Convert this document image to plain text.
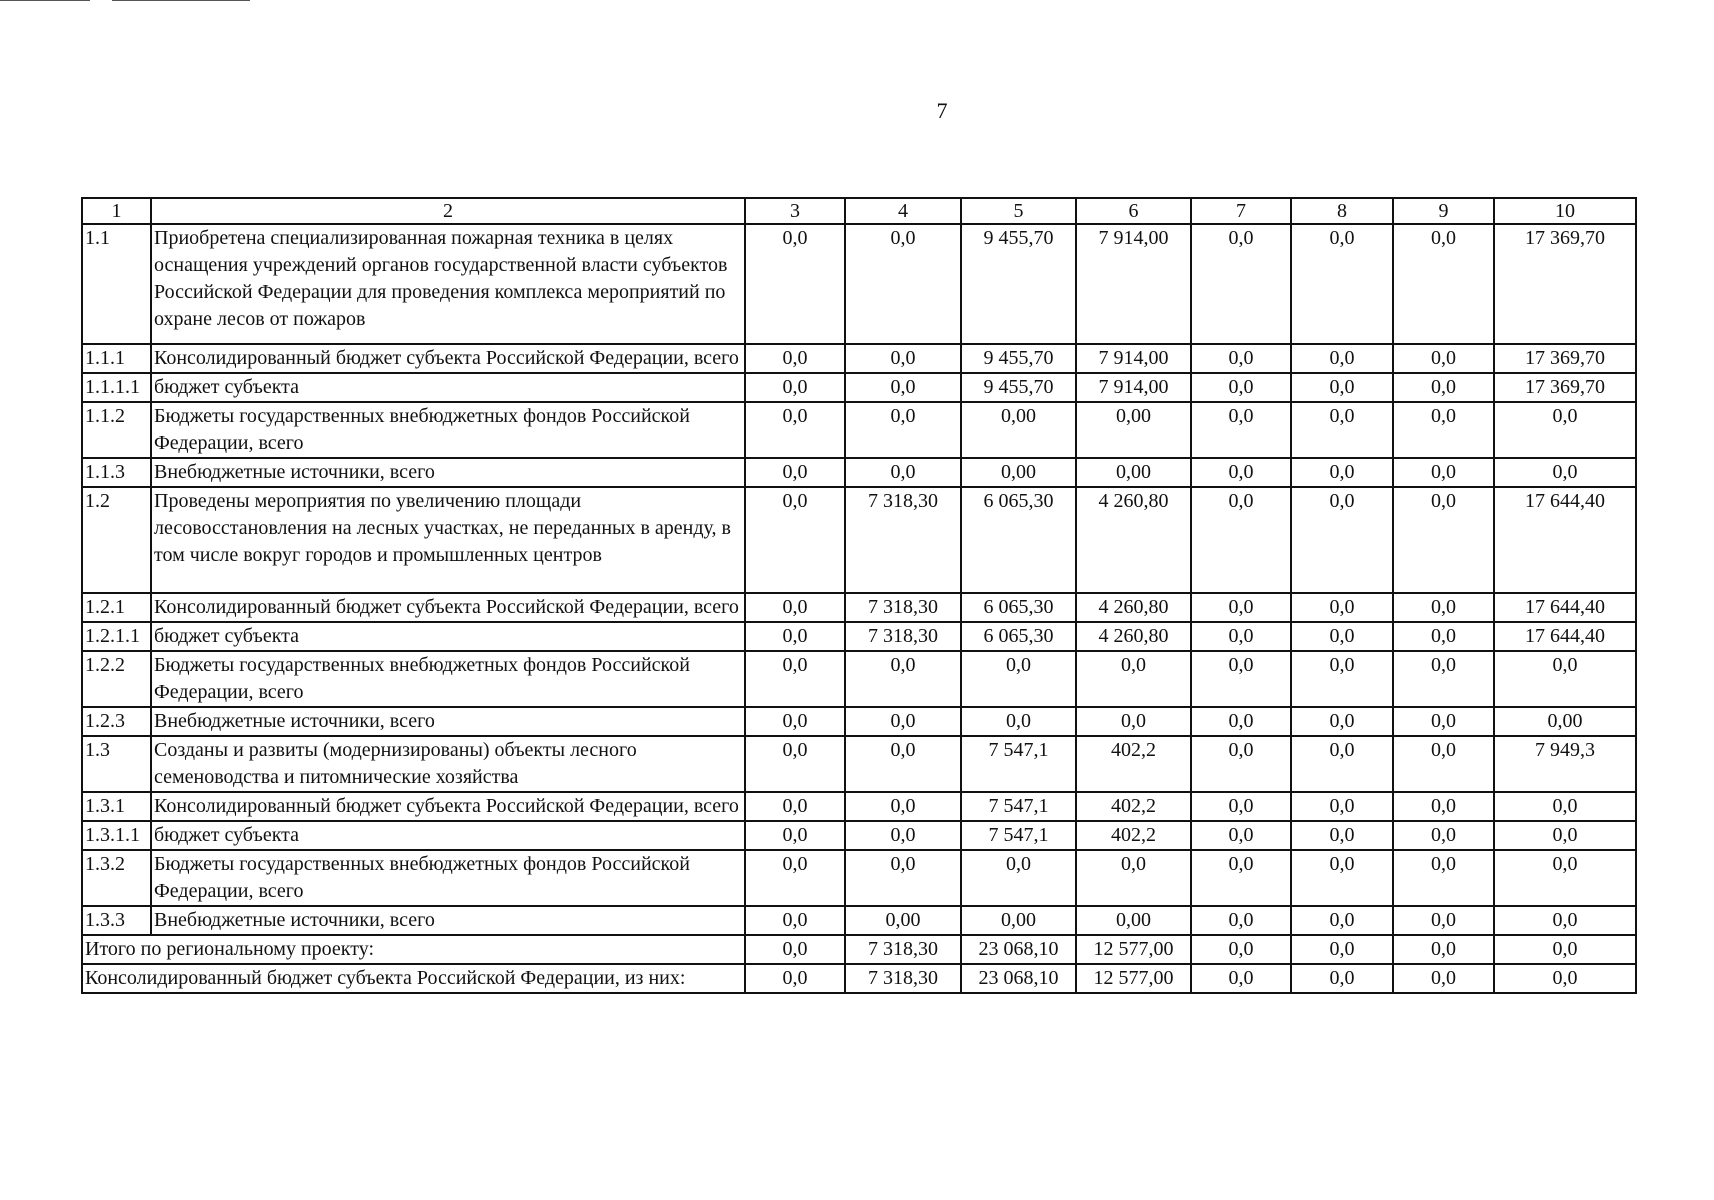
7
1	2	3	4	5	6	7	8	9	10
1.1	Приобретена специализированная пожарная техника в целях оснащения учреждений органов государственной власти субъектов Российской Федерации для проведения комплекса мероприятий по охране лесов от пожаров	0,0	0,0	9 455,70	7 914,00	0,0	0,0	0,0	17 369,70
1.1.1	Консолидированный бюджет субъекта Российской Федерации, всего	0,0	0,0	9 455,70	7 914,00	0,0	0,0	0,0	17 369,70
1.1.1.1	бюджет субъекта	0,0	0,0	9 455,70	7 914,00	0,0	0,0	0,0	17 369,70
1.1.2	Бюджеты государственных внебюджетных фондов Российской Федерации, всего	0,0	0,0	0,00	0,00	0,0	0,0	0,0	0,0
1.1.3	Внебюджетные источники, всего	0,0	0,0	0,00	0,00	0,0	0,0	0,0	0,0
1.2	Проведены мероприятия по увеличению площади лесовосстановления на лесных участках, не переданных в аренду, в том числе вокруг городов и промышленных центров	0,0	7 318,30	6 065,30	4 260,80	0,0	0,0	0,0	17 644,40
1.2.1	Консолидированный бюджет субъекта Российской Федерации, всего	0,0	7 318,30	6 065,30	4 260,80	0,0	0,0	0,0	17 644,40
1.2.1.1	бюджет субъекта	0,0	7 318,30	6 065,30	4 260,80	0,0	0,0	0,0	17 644,40
1.2.2	Бюджеты государственных внебюджетных фондов Российской Федерации, всего	0,0	0,0	0,0	0,0	0,0	0,0	0,0	0,0
1.2.3	Внебюджетные источники, всего	0,0	0,0	0,0	0,0	0,0	0,0	0,0	0,00
1.3	Созданы и развиты (модернизированы) объекты лесного семеноводства и питомнические хозяйства	0,0	0,0	7 547,1	402,2	0,0	0,0	0,0	7 949,3
1.3.1	Консолидированный бюджет субъекта Российской Федерации, всего	0,0	0,0	7 547,1	402,2	0,0	0,0	0,0	0,0
1.3.1.1	бюджет субъекта	0,0	0,0	7 547,1	402,2	0,0	0,0	0,0	0,0
1.3.2	Бюджеты государственных внебюджетных фондов Российской Федерации, всего	0,0	0,0	0,0	0,0	0,0	0,0	0,0	0,0
1.3.3	Внебюджетные источники, всего	0,0	0,00	0,00	0,00	0,0	0,0	0,0	0,0
Итого по региональному проекту:		0,0	7 318,30	23 068,10	12 577,00	0,0	0,0	0,0	0,0
Консолидированный бюджет субъекта Российской Федерации, из них:		0,0	7 318,30	23 068,10	12 577,00	0,0	0,0	0,0	0,0
